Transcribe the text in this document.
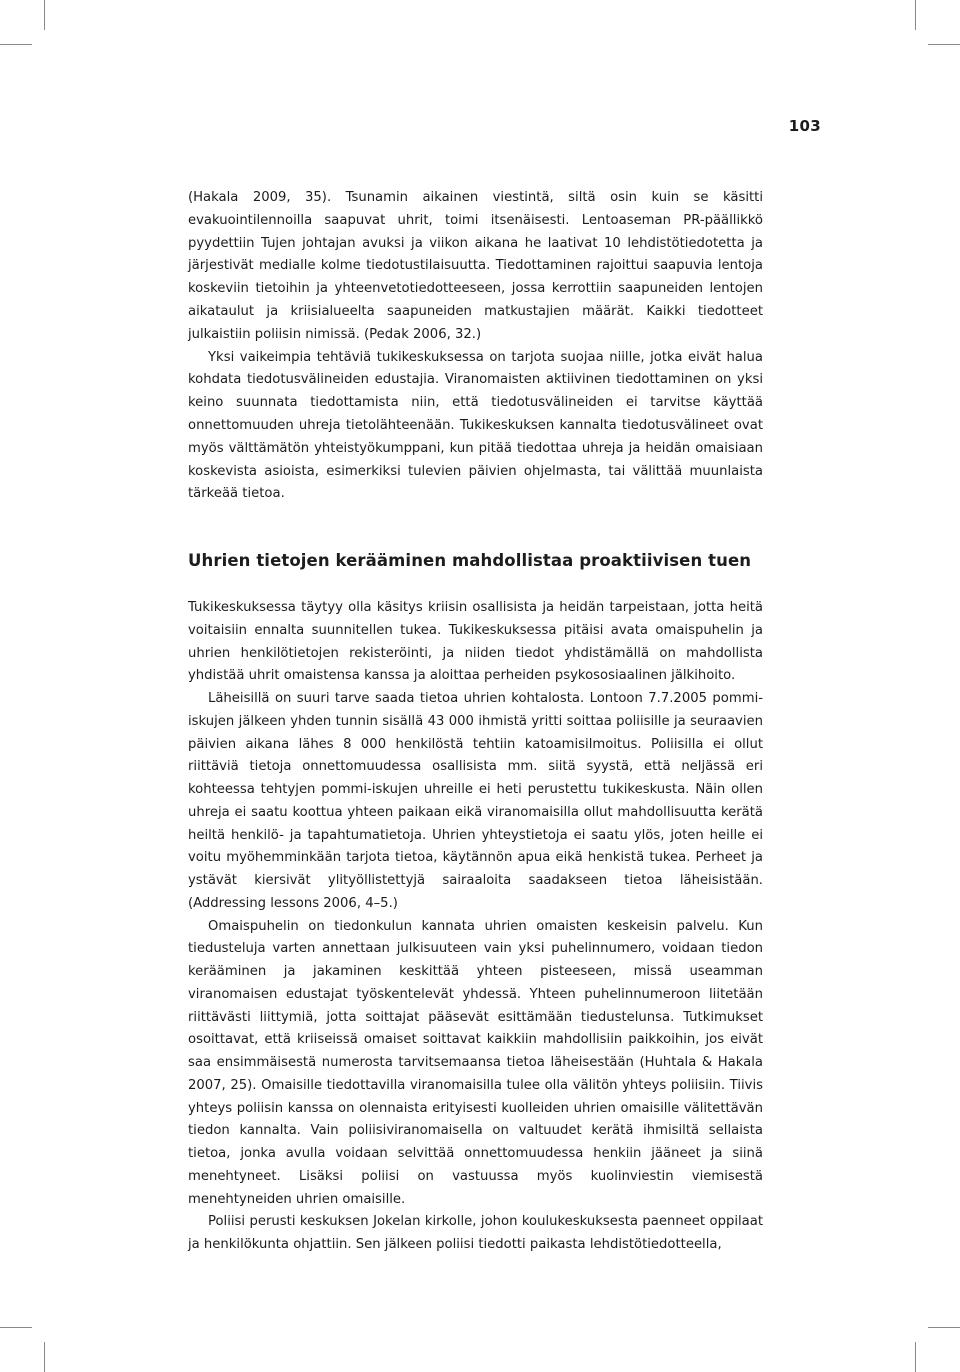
103

(Hakala 2009, 35). Tsunamin aikainen viestintä, siltä osin kuin se käsitti evakuointilennoilla saapuvat uhrit, toimi itsenäisesti. Lentoaseman PR-päällikkö pyydettiin Tujen johtajan avuksi ja viikon aikana he laativat 10 lehdistötiedotetta ja järjestivät medialle kolme tiedotustilaisuutta. Tiedottaminen rajoittui saapuvia lentoja koskeviin tietoihin ja yhteenvetotiedotteeseen, jossa kerrottiin saapuneiden lentojen aikataulut ja kriisialueelta saapuneiden matkustajien määrät. Kaikki tiedotteet julkaistiin poliisin nimissä. (Pedak 2006, 32.)

Yksi vaikeimpia tehtäviä tukikeskuksessa on tarjota suojaa niille, jotka eivät halua kohdata tiedotusvälineiden edustajia. Viranomaisten aktiivinen tiedottaminen on yksi keino suunnata tiedottamista niin, että tiedotusvälineiden ei tarvitse käyttää onnettomuuden uhreja tietolähteenään. Tukikeskuksen kannalta tiedotusvälineet ovat myös välttämätön yhteistyökumppani, kun pitää tiedottaa uhreja ja heidän omaisiaan koskevista asioista, esimerkiksi tulevien päivien ohjelmasta, tai välittää muunlaista tärkeää tietoa.

Uhrien tietojen kerääminen mahdollistaa proaktiivisen tuen

Tukikeskuksessa täytyy olla käsitys kriisin osallisista ja heidän tarpeistaan, jotta heitä voitaisiin ennalta suunnitellen tukea. Tukikeskuksessa pitäisi avata omaispuhelin ja uhrien henkilötietojen rekisteröinti, ja niiden tiedot yhdistämällä on mahdollista yhdistää uhrit omaistensa kanssa ja aloittaa perheiden psykososiaalinen jälkihoito.

Läheisillä on suuri tarve saada tietoa uhrien kohtalosta. Lontoon 7.7.2005 pommi-iskujen jälkeen yhden tunnin sisällä 43 000 ihmistä yritti soittaa poliisille ja seuraavien päivien aikana lähes 8 000 henkilöstä tehtiin katoamisilmoitus. Poliisilla ei ollut riittäviä tietoja onnettomuudessa osallisista mm. siitä syystä, että neljässä eri kohteessa tehtyjen pommi-iskujen uhreille ei heti perustettu tukikeskusta. Näin ollen uhreja ei saatu koottua yhteen paikaan eikä viranomaisilla ollut mahdollisuutta kerätä heiltä henkilö- ja tapahtumatietoja. Uhrien yhteystietoja ei saatu ylös, joten heille ei voitu myöhemminkään tarjota tietoa, käytännön apua eikä henkistä tukea. Perheet ja ystävät kiersivät ylityöllistettyjä sairaaloita saadakseen tietoa läheisistään. (Addressing lessons 2006, 4–5.)

Omaispuhelin on tiedonkulun kannata uhrien omaisten keskeisin palvelu. Kun tiedusteluja varten annettaan julkisuuteen vain yksi puhelinnumero, voidaan tiedon kerääminen ja jakaminen keskittää yhteen pisteeseen, missä useamman viranomaisen edustajat työskentelevät yhdessä. Yhteen puhelinnumeroon liitetään riittävästi liittymiä, jotta soittajat pääsevät esittämään tiedustelunsa. Tutkimukset osoittavat, että kriiseissä omaiset soittavat kaikkiin mahdollisiin paikkoihin, jos eivät saa ensimmäisestä numerosta tarvitsemaansa tietoa läheisestään (Huhtala & Hakala 2007, 25). Omaisille tiedottavilla viranomaisilla tulee olla välitön yhteys poliisiin. Tiivis yhteys poliisin kanssa on olennaista erityisesti kuolleiden uhrien omaisille välitettävän tiedon kannalta. Vain poliisiviranomaisella on valtuudet kerätä ihmisiltä sellaista tietoa, jonka avulla voidaan selvittää onnettomuudessa henkiin jääneet ja siinä menehtyneet. Lisäksi poliisi on vastuussa myös kuolinviestin viemisestä menehtyneiden uhrien omaisille.

Poliisi perusti keskuksen Jokelan kirkolle, johon koulukeskuksesta paenneet oppilaat ja henkilökunta ohjattiin. Sen jälkeen poliisi tiedotti paikasta lehdistötiedotteella,
